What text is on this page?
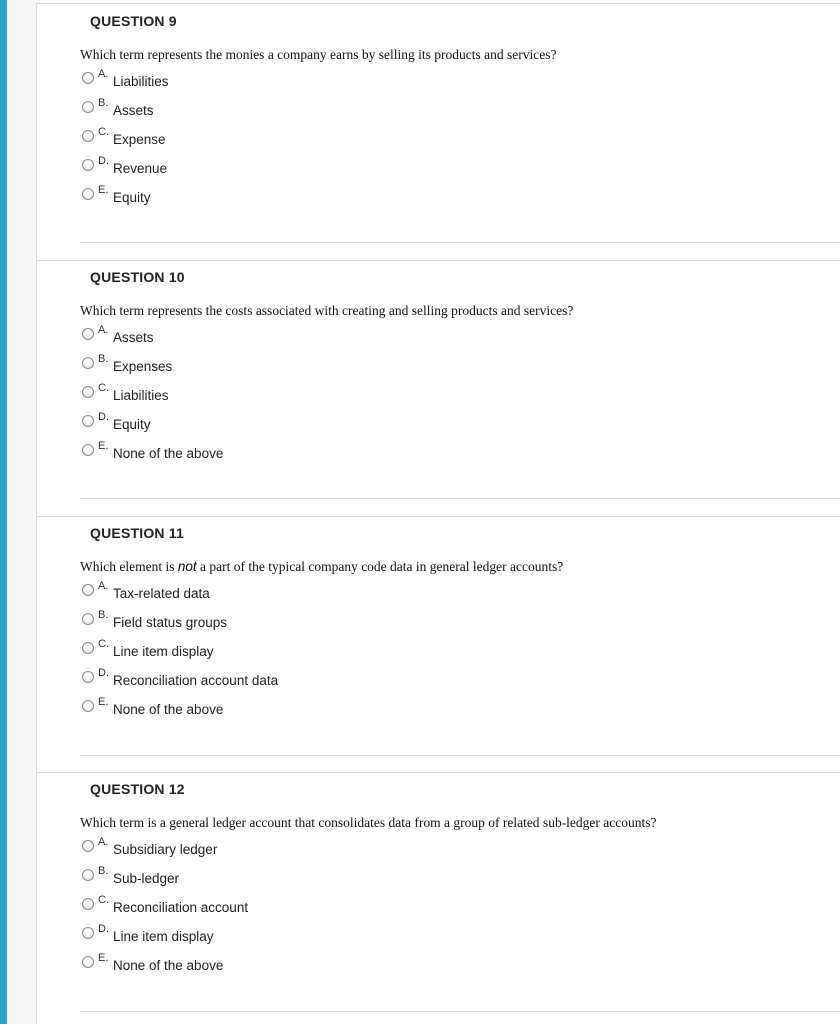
QUESTION 9
Which term represents the monies a company earns by selling its products and services?
A. Liabilities
B. Assets
C. Expense
D. Revenue
E. Equity
QUESTION 10
Which term represents the costs associated with creating and selling products and services?
A. Assets
B. Expenses
C. Liabilities
D. Equity
E. None of the above
QUESTION 11
Which element is not a part of the typical company code data in general ledger accounts?
A. Tax-related data
B. Field status groups
C. Line item display
D. Reconciliation account data
E. None of the above
QUESTION 12
Which term is a general ledger account that consolidates data from a group of related sub-ledger accounts?
A. Subsidiary ledger
B. Sub-ledger
C. Reconciliation account
D. Line item display
E. None of the above
